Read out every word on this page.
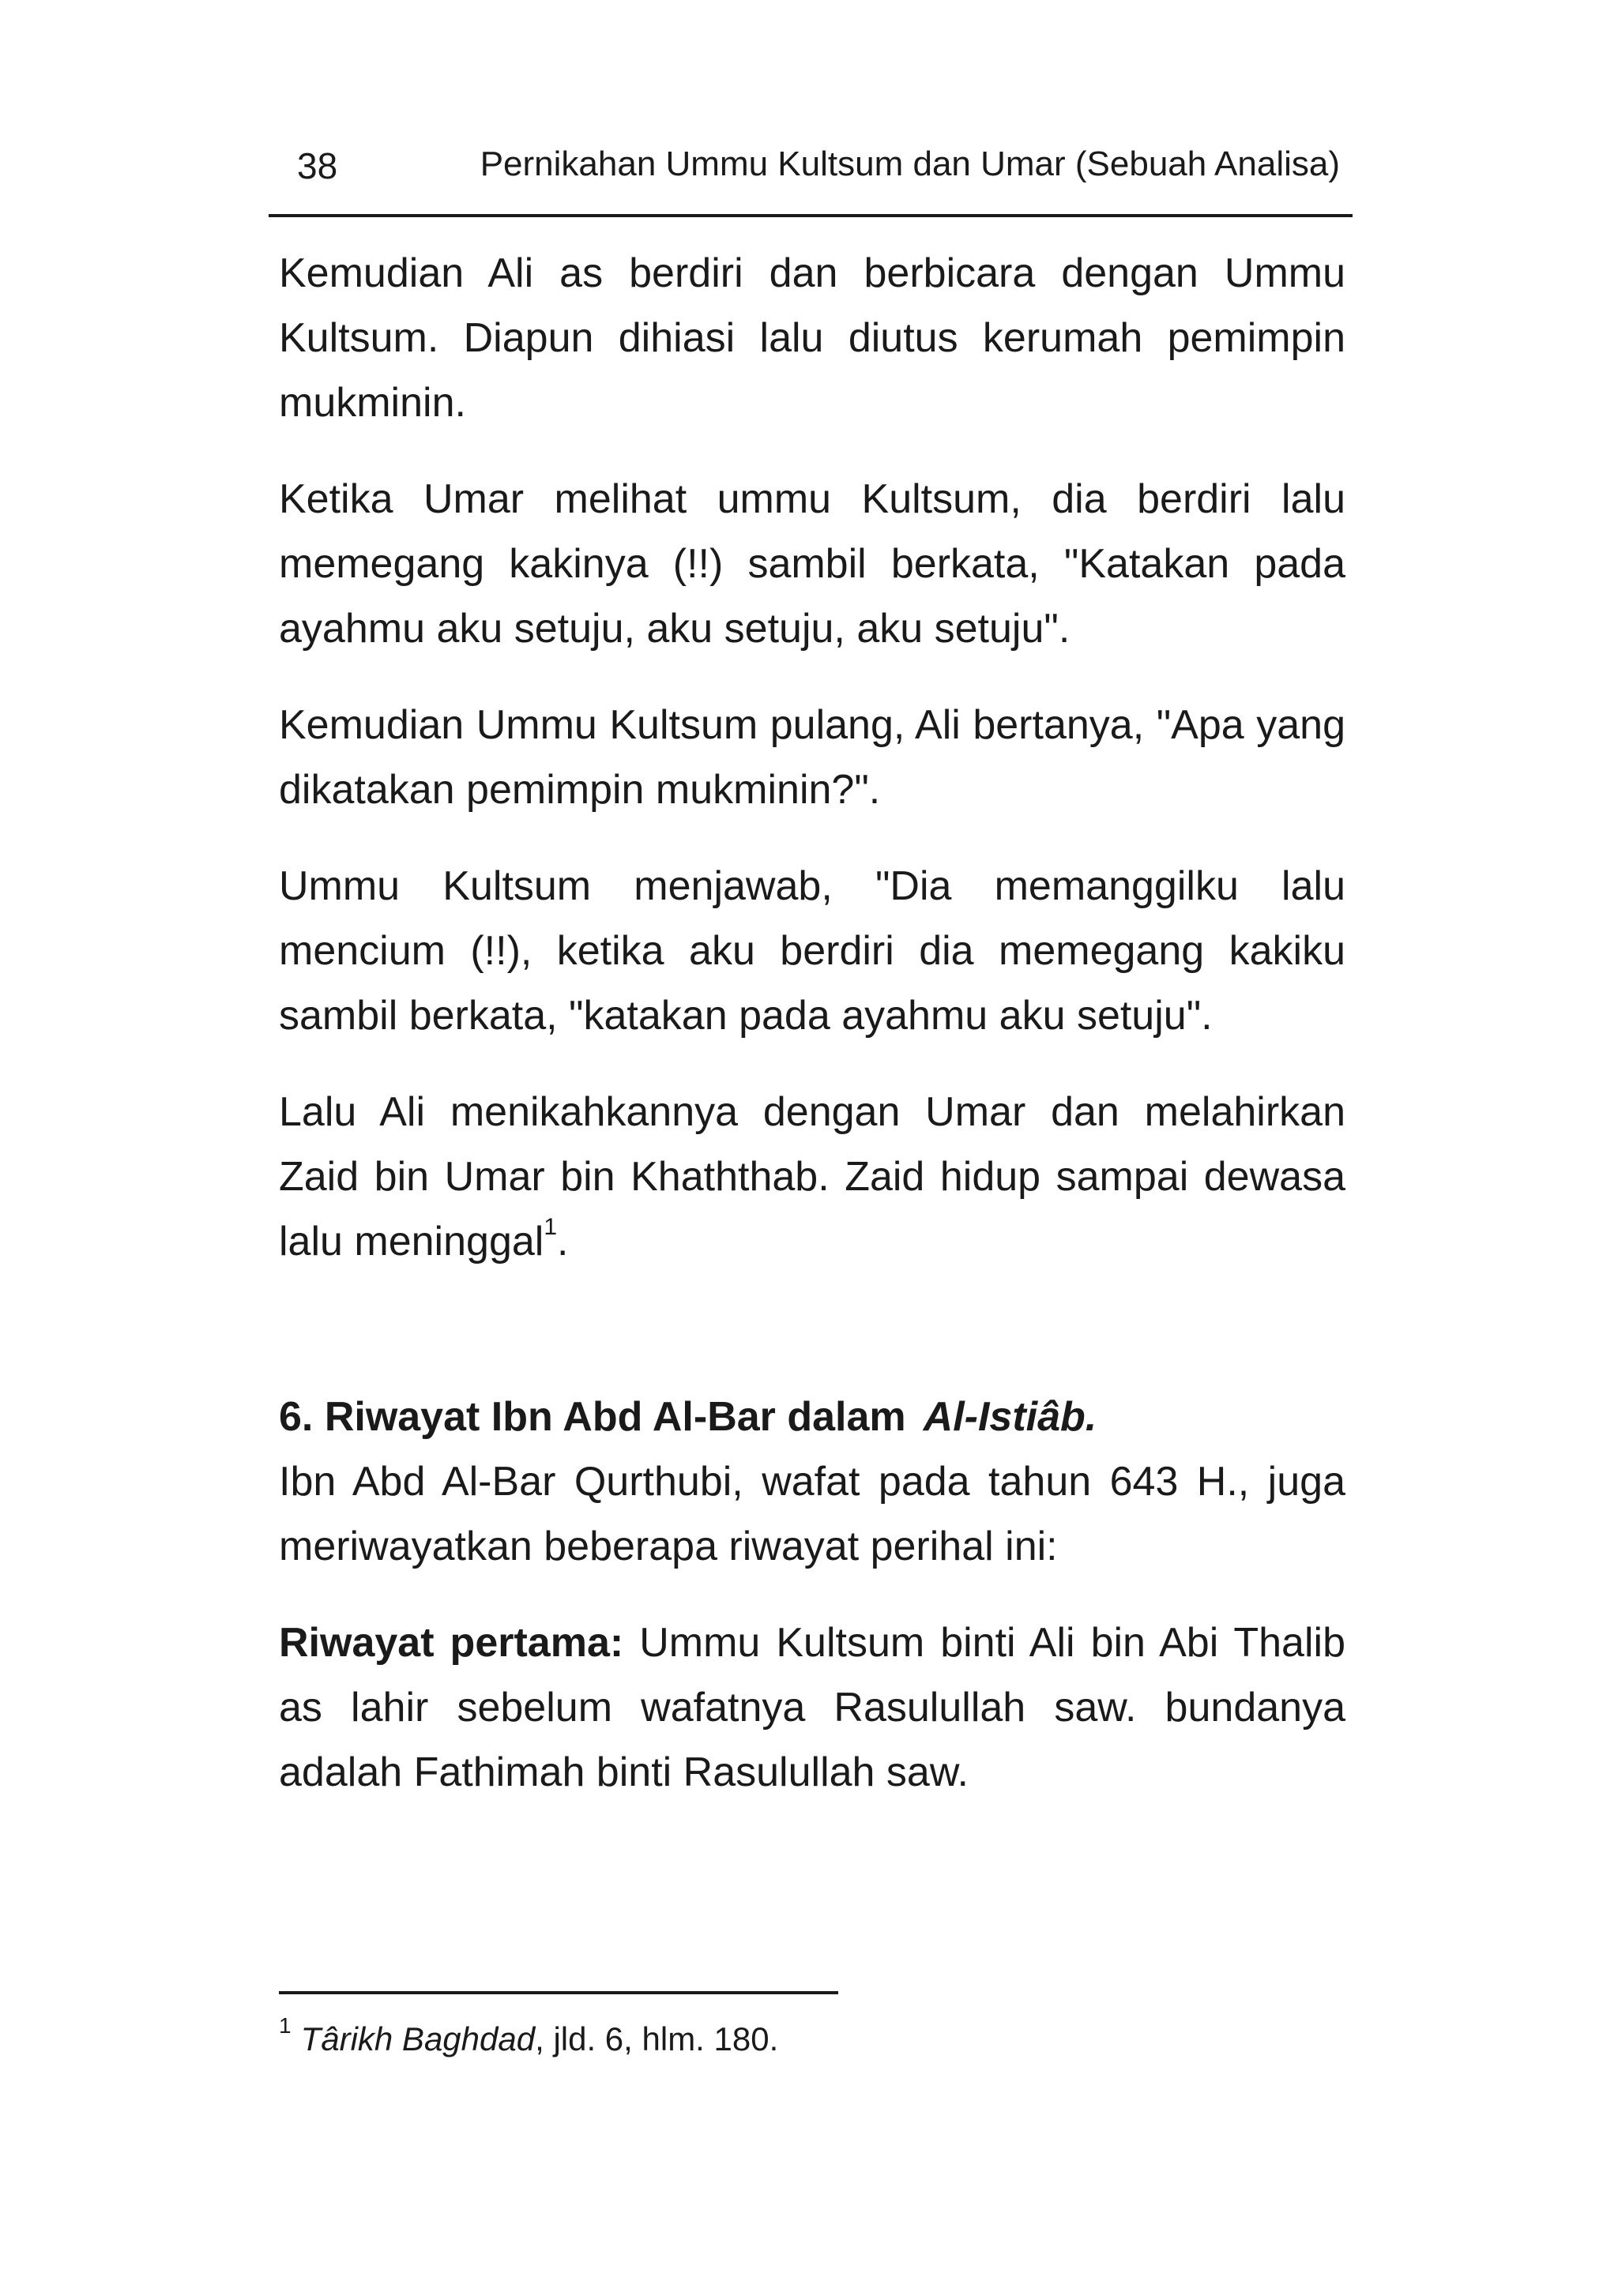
38	Pernikahan Ummu Kultsum dan Umar (Sebuah Analisa)

Kemudian Ali as berdiri dan berbicara dengan Ummu Kultsum. Diapun dihiasi lalu diutus kerumah pemimpin mukminin.

Ketika Umar melihat ummu Kultsum, dia berdiri lalu memegang kakinya (!!) sambil berkata, "Katakan pada ayahmu aku setuju, aku setuju, aku setuju".

Kemudian Ummu Kultsum pulang, Ali bertanya, "Apa yang dikatakan pemimpin mukminin?".

Ummu Kultsum menjawab, "Dia memanggilku lalu mencium (!!), ketika aku berdiri dia memegang kakiku sambil berkata, "katakan pada ayahmu aku setuju".

Lalu Ali menikahkannya dengan Umar dan melahirkan Zaid bin Umar bin Khaththab. Zaid hidup sampai dewasa lalu meninggal$^1$.

6. Riwayat Ibn Abd Al-Bar dalam Al-Istiâb.

Ibn Abd Al-Bar Qurthubi, wafat pada tahun 643 H., juga meriwayatkan beberapa riwayat perihal ini:

Riwayat pertama: Ummu Kultsum binti Ali bin Abi Thalib as lahir sebelum wafatnya Rasulullah saw. bundanya adalah Fathimah binti Rasulullah saw.

$^1$ Târikh Baghdad, jld. 6, hlm. 180.
